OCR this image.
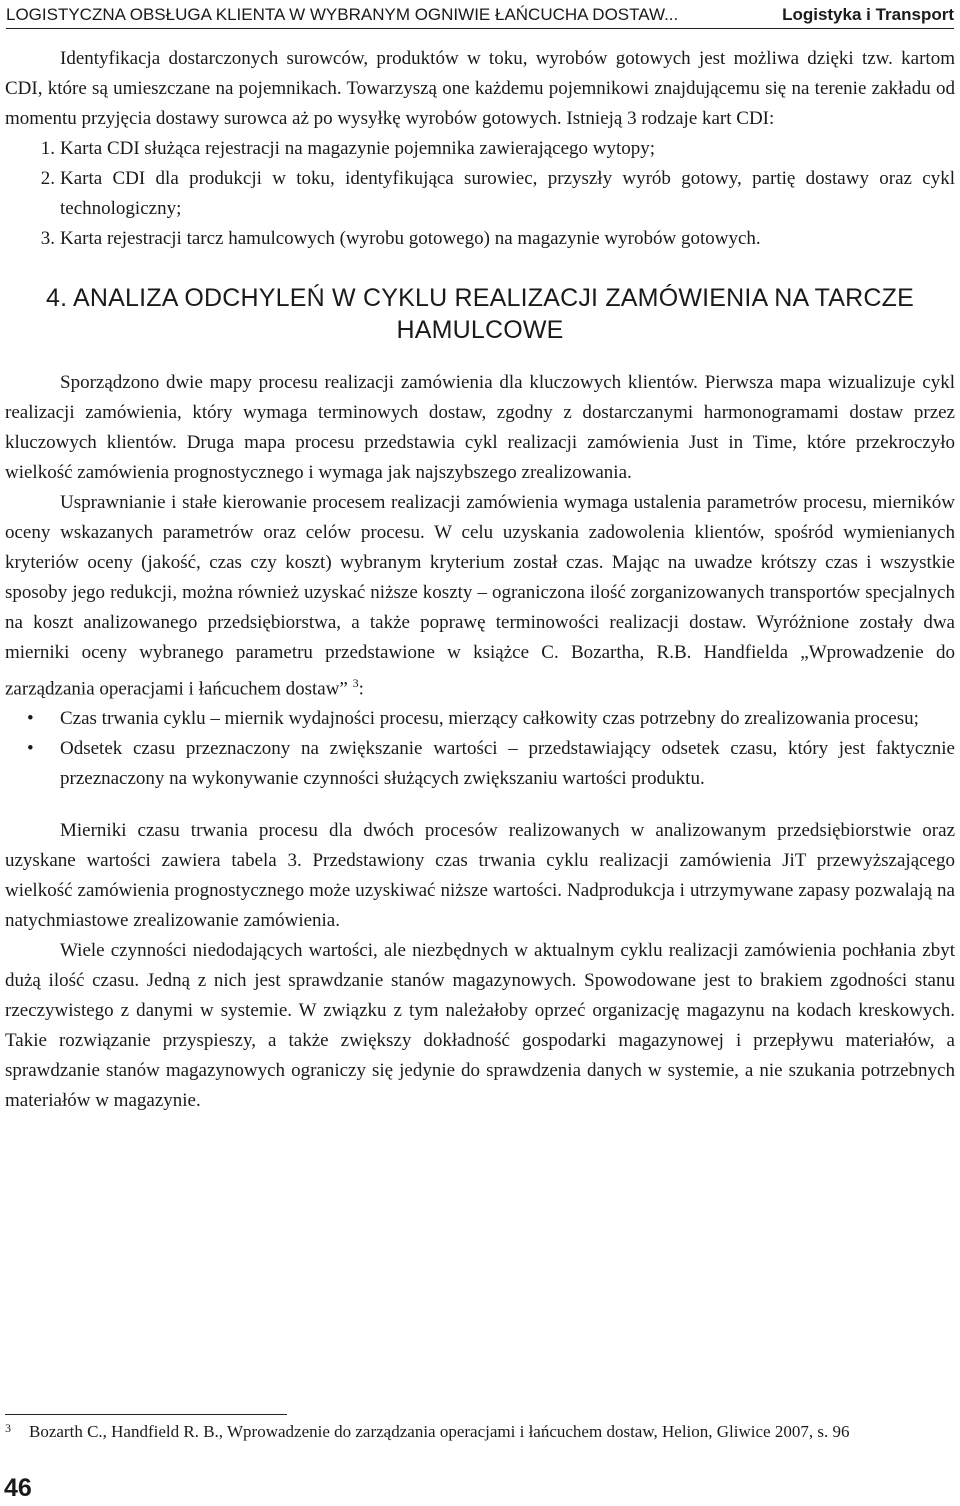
LOGISTYCZNA OBSŁUGA KLIENTA W WYBRANYM OGNIWIE ŁAŃCUCHA DOSTAW...	Logistyka i Transport

Identyfikacja dostarczonych surowców, produktów w toku, wyrobów gotowych jest możliwa dzięki tzw. kartom CDI, które są umieszczane na pojemnikach. Towarzyszą one każdemu pojemnikowi znajdującemu się na terenie zakładu od momentu przyjęcia dostawy surowca aż po wysyłkę wyrobów gotowych. Istnieją 3 rodzaje kart CDI:

1. Karta CDI służąca rejestracji na magazynie pojemnika zawierającego wytopy;
2. Karta CDI dla produkcji w toku, identyfikująca surowiec, przyszły wyrób gotowy, partię dostawy oraz cykl technologiczny;
3. Karta rejestracji tarcz hamulcowych (wyrobu gotowego) na magazynie wyrobów gotowych.
4. ANALIZA ODCHYLEŃ W CYKLU REALIZACJI ZAMÓWIENIA NA TARCZE
HAMULCOWE

Sporządzono dwie mapy procesu realizacji zamówienia dla kluczowych klientów. Pierwsza mapa wizualizuje cykl realizacji zamówienia, który wymaga terminowych dostaw, zgodny z dostarczanymi harmonogramami dostaw przez kluczowych klientów. Druga mapa procesu przedstawia cykl realizacji zamówienia Just in Time, które przekroczyło wielkość zamówienia prognostycznego i wymaga jak najszybszego zrealizowania.

Usprawnianie i stałe kierowanie procesem realizacji zamówienia wymaga ustalenia parametrów procesu, mierników oceny wskazanych parametrów oraz celów procesu. W celu uzyskania zadowolenia klientów, spośród wymienianych kryteriów oceny (jakość, czas czy koszt) wybranym kryterium został czas. Mając na uwadze krótszy czas i wszystkie sposoby jego redukcji, można również uzyskać niższe koszty – ograniczona ilość zorganizowanych transportów specjalnych na koszt analizowanego przedsiębiorstwa, a także poprawę terminowości realizacji dostaw. Wyróżnione zostały dwa mierniki oceny wybranego parametru przedstawione w książce C. Bozartha, R.B. Handfielda „Wprowadzenie do zarządzania operacjami i łańcuchem dostaw” $^3$:

• Czas trwania cyklu – miernik wydajności procesu, mierzący całkowity czas potrzebny do zrealizowania procesu;
• Odsetek czasu przeznaczony na zwiększanie wartości – przedstawiający odsetek czasu, który jest faktycznie przeznaczony na wykonywanie czynności służących zwiększaniu wartości produktu.

Mierniki czasu trwania procesu dla dwóch procesów realizowanych w analizowanym przedsiębiorstwie oraz uzyskane wartości zawiera tabela 3. Przedstawiony czas trwania cyklu realizacji zamówienia JiT przewyższającego wielkość zamówienia prognostycznego może uzyskiwać niższe wartości. Nadprodukcja i utrzymywane zapasy pozwalają na natychmiastowe zrealizowanie zamówienia.

Wiele czynności niedodających wartości, ale niezbędnych w aktualnym cyklu realizacji zamówienia pochłania zbyt dużą ilość czasu. Jedną z nich jest sprawdzanie stanów magazynowych. Spowodowane jest to brakiem zgodności stanu rzeczywistego z danymi w systemie. W związku z tym należałoby oprzeć organizację magazynu na kodach kreskowych. Takie rozwiązanie przyspieszy, a także zwiększy dokładność gospodarki magazynowej i przepływu materiałów, a sprawdzanie stanów magazynowych ograniczy się jedynie do sprawdzenia danych w systemie, a nie szukania potrzebnych materiałów w magazynie.

3	Bozarth C., Handfield R. B., Wprowadzenie do zarządzania operacjami i łańcuchem dostaw, Helion, Gliwice 2007, s. 96
46
